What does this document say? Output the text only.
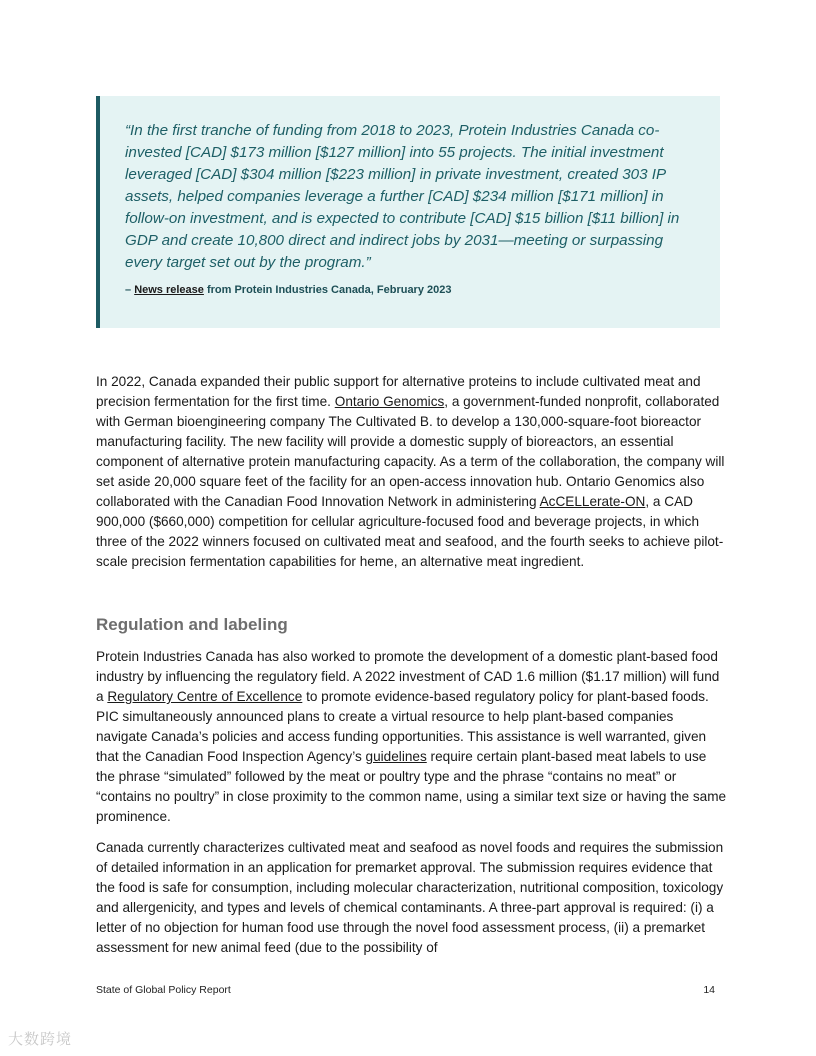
“In the first tranche of funding from 2018 to 2023, Protein Industries Canada co-invested [CAD] $173 million [$127 million] into 55 projects. The initial investment leveraged [CAD] $304 million [$223 million] in private investment, created 303 IP assets, helped companies leverage a further [CAD] $234 million [$171 million] in follow-on investment, and is expected to contribute [CAD] $15 billion [$11 billion] in GDP and create 10,800 direct and indirect jobs by 2031—meeting or surpassing every target set out by the program.”

– News release from Protein Industries Canada, February 2023

In 2022, Canada expanded their public support for alternative proteins to include cultivated meat and precision fermentation for the first time. Ontario Genomics, a government-funded nonprofit, collaborated with German bioengineering company The Cultivated B. to develop a 130,000-square-foot bioreactor manufacturing facility. The new facility will provide a domestic supply of bioreactors, an essential component of alternative protein manufacturing capacity. As a term of the collaboration, the company will set aside 20,000 square feet of the facility for an open-access innovation hub. Ontario Genomics also collaborated with the Canadian Food Innovation Network in administering AcCELLerate-ON, a CAD 900,000 ($660,000) competition for cellular agriculture-focused food and beverage projects, in which three of the 2022 winners focused on cultivated meat and seafood, and the fourth seeks to achieve pilot-scale precision fermentation capabilities for heme, an alternative meat ingredient.

Regulation and labeling

Protein Industries Canada has also worked to promote the development of a domestic plant-based food industry by influencing the regulatory field. A 2022 investment of CAD 1.6 million ($1.17 million) will fund a Regulatory Centre of Excellence to promote evidence-based regulatory policy for plant-based foods. PIC simultaneously announced plans to create a virtual resource to help plant-based companies navigate Canada’s policies and access funding opportunities. This assistance is well warranted, given that the Canadian Food Inspection Agency’s guidelines require certain plant-based meat labels to use the phrase “simulated” followed by the meat or poultry type and the phrase “contains no meat” or “contains no poultry” in close proximity to the common name, using a similar text size or having the same prominence.

Canada currently characterizes cultivated meat and seafood as novel foods and requires the submission of detailed information in an application for premarket approval. The submission requires evidence that the food is safe for consumption, including molecular characterization, nutritional composition, toxicology and allergenicity, and types and levels of chemical contaminants. A three-part approval is required: (i) a letter of no objection for human food use through the novel food assessment process, (ii) a premarket assessment for new animal feed (due to the possibility of

State of Global Policy Report	14
大数跨境
